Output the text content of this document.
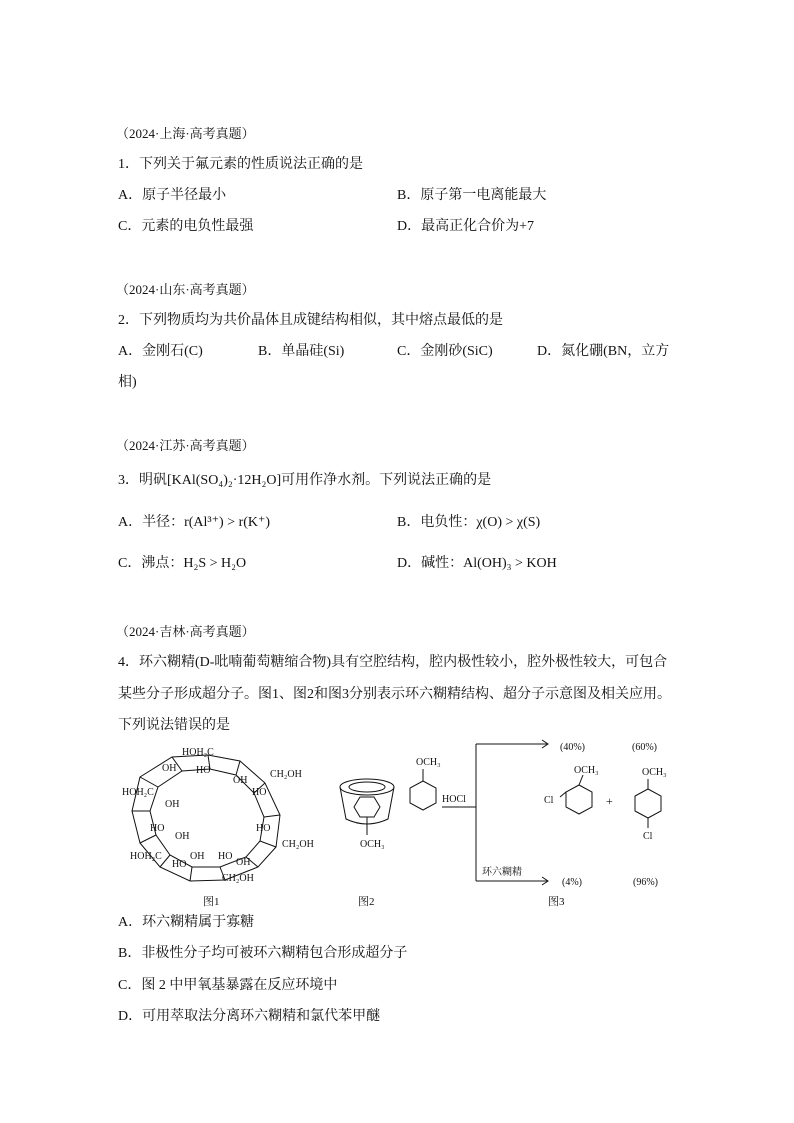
（2024·上海·高考真题）
1．下列关于氟元素的性质说法正确的是
A．原子半径最小	B．原子第一电离能最大
C．元素的电负性最强	D．最高正化合价为+7
（2024·山东·高考真题）
2．下列物质均为共价晶体且成键结构相似，其中熔点最低的是
A．金刚石(C)	B．单晶硅(Si)	C．金刚砂(SiC)	D．氮化硼(BN，立方
相)
（2024·江苏·高考真题）
3．明矾[KAl(SO₄)₂·12H₂O]可用作净水剂。下列说法正确的是
A．半径：r(Al³⁺) > r(K⁺)	B．电负性：χ(O) > χ(S)
C．沸点：H₂S > H₂O	D．碱性：Al(OH)₃ > KOH
（2024·吉林·高考真题）
4．环六糊精(D-吡喃葡萄糖缩合物)具有空腔结构，腔内极性较小，腔外极性较大，可包合
某些分子形成超分子。图1、图2和图3分别表示环六糊精结构、超分子示意图及相关应用。
下列说法错误的是
HOH₂C
OH HO	CH₂OH
HOH₂C
OH
HO
OH
HO
OH
HO
CH₂OH
HOH₂C
HO
OH HO
OH
CH₂OH
图1
OCH₃
图2
OCH₃
HOCl
环六糊精
(40%)
OCH₃
Cl
(4%)
+
(60%)
OCH₃
Cl
(96%)
图3
A．环六糊精属于寡糖
B．非极性分子均可被环六糊精包合形成超分子
C．图 2 中甲氧基暴露在反应环境中
D．可用萃取法分离环六糊精和氯代苯甲醚
